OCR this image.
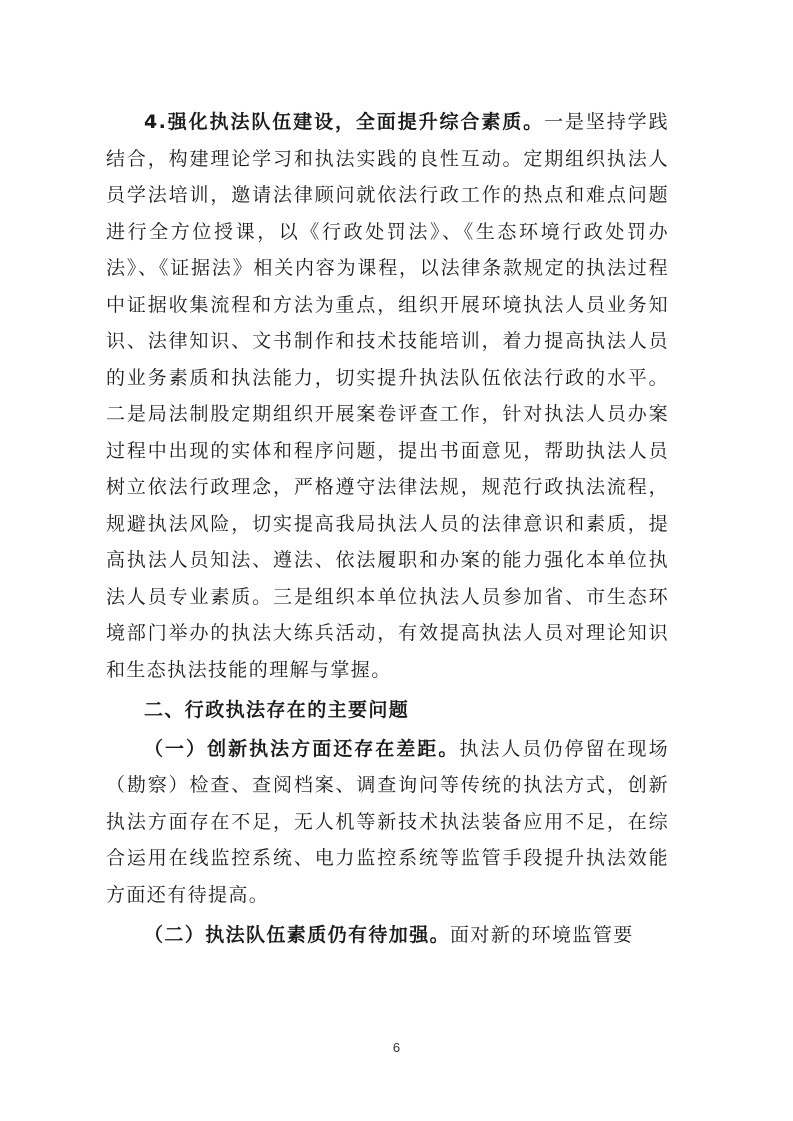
4.强化执法队伍建设，全面提升综合素质。一是坚持学践结合，构建理论学习和执法实践的良性互动。定期组织执法人员学法培训，邀请法律顾问就依法行政工作的热点和难点问题进行全方位授课，以《行政处罚法》、《生态环境行政处罚办法》、《证据法》相关内容为课程，以法律条款规定的执法过程中证据收集流程和方法为重点，组织开展环境执法人员业务知识、法律知识、文书制作和技术技能培训，着力提高执法人员的业务素质和执法能力，切实提升执法队伍依法行政的水平。二是局法制股定期组织开展案卷评查工作，针对执法人员办案过程中出现的实体和程序问题，提出书面意见，帮助执法人员树立依法行政理念，严格遵守法律法规，规范行政执法流程，规避执法风险，切实提高我局执法人员的法律意识和素质，提高执法人员知法、遵法、依法履职和办案的能力强化本单位执法人员专业素质。三是组织本单位执法人员参加省、市生态环境部门举办的执法大练兵活动，有效提高执法人员对理论知识和生态执法技能的理解与掌握。

二、行政执法存在的主要问题

（一）创新执法方面还存在差距。执法人员仍停留在现场（勘察）检查、查阅档案、调查询问等传统的执法方式，创新执法方面存在不足，无人机等新技术执法装备应用不足，在综合运用在线监控系统、电力监控系统等监管手段提升执法效能方面还有待提高。

（二）执法队伍素质仍有待加强。面对新的环境监管要

6
